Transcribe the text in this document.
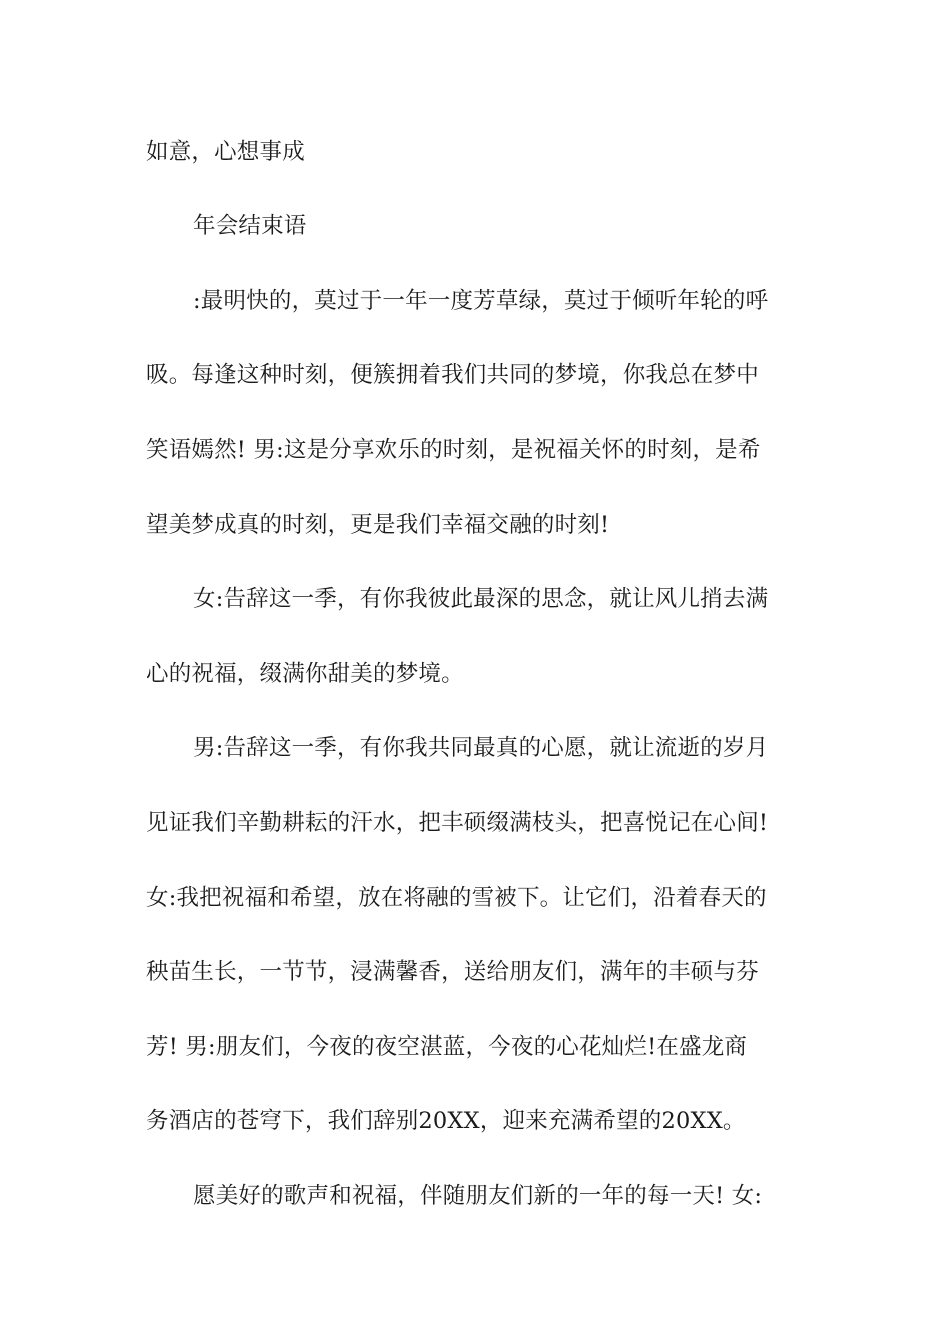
如意，心想事成
年会结束语
:最明快的，莫过于一年一度芳草绿，莫过于倾听年轮的呼
吸。每逢这种时刻，便簇拥着我们共同的梦境，你我总在梦中
笑语嫣然! 男:这是分享欢乐的时刻，是祝福关怀的时刻，是希
望美梦成真的时刻，更是我们幸福交融的时刻!
女:告辞这一季，有你我彼此最深的思念，就让风儿捎去满
心的祝福，缀满你甜美的梦境。
男:告辞这一季，有你我共同最真的心愿，就让流逝的岁月
见证我们辛勤耕耘的汗水，把丰硕缀满枝头，把喜悦记在心间!
女:我把祝福和希望，放在将融的雪被下。让它们，沿着春天的
秧苗生长，一节节，浸满馨香，送给朋友们，满年的丰硕与芬
芳! 男:朋友们，今夜的夜空湛蓝，今夜的心花灿烂!在盛龙商
务酒店的苍穹下，我们辞别20XX，迎来充满希望的20XX。
愿美好的歌声和祝福，伴随朋友们新的一年的每一天! 女:
